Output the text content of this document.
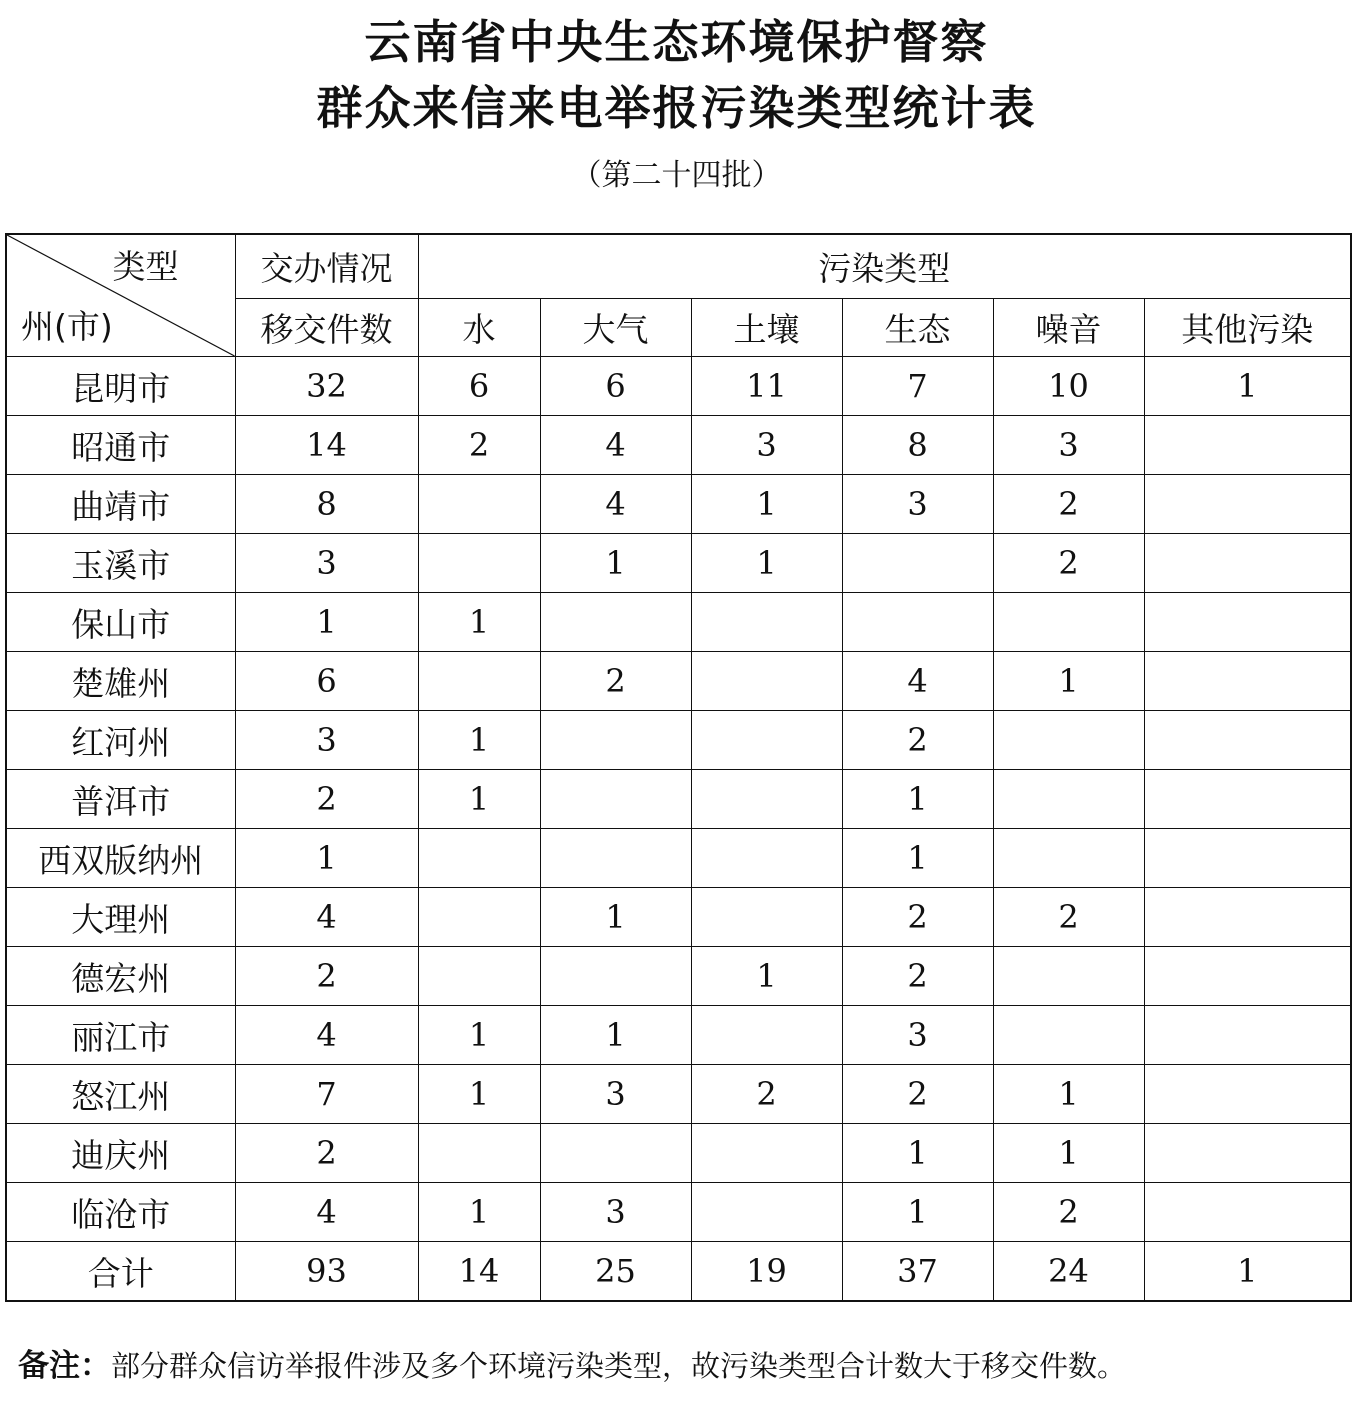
云南省中央生态环境保护督察
群众来信来电举报污染类型统计表
（第二十四批）
类型
州(市)	交办情况	污染类型					
	移交件数	水	大气	土壤	生态	噪音	其他污染
昆明市	32	6	6	11	7	10	1
昭通市	14	2	4	3	8	3	
曲靖市	8		4	1	3	2	
玉溪市	3		1	1		2	
保山市	1	1					
楚雄州	6		2		4	1	
红河州	3	1			2		
普洱市	2	1			1		
西双版纳州	1				1		
大理州	4		1		2	2	
德宏州	2			1	2		
丽江市	4	1	1		3		
怒江州	7	1	3	2	2	1	
迪庆州	2				1	1	
临沧市	4	1	3		1	2	
合计	93	14	25	19	37	24	1
备注：部分群众信访举报件涉及多个环境污染类型，故污染类型合计数大于移交件数。
